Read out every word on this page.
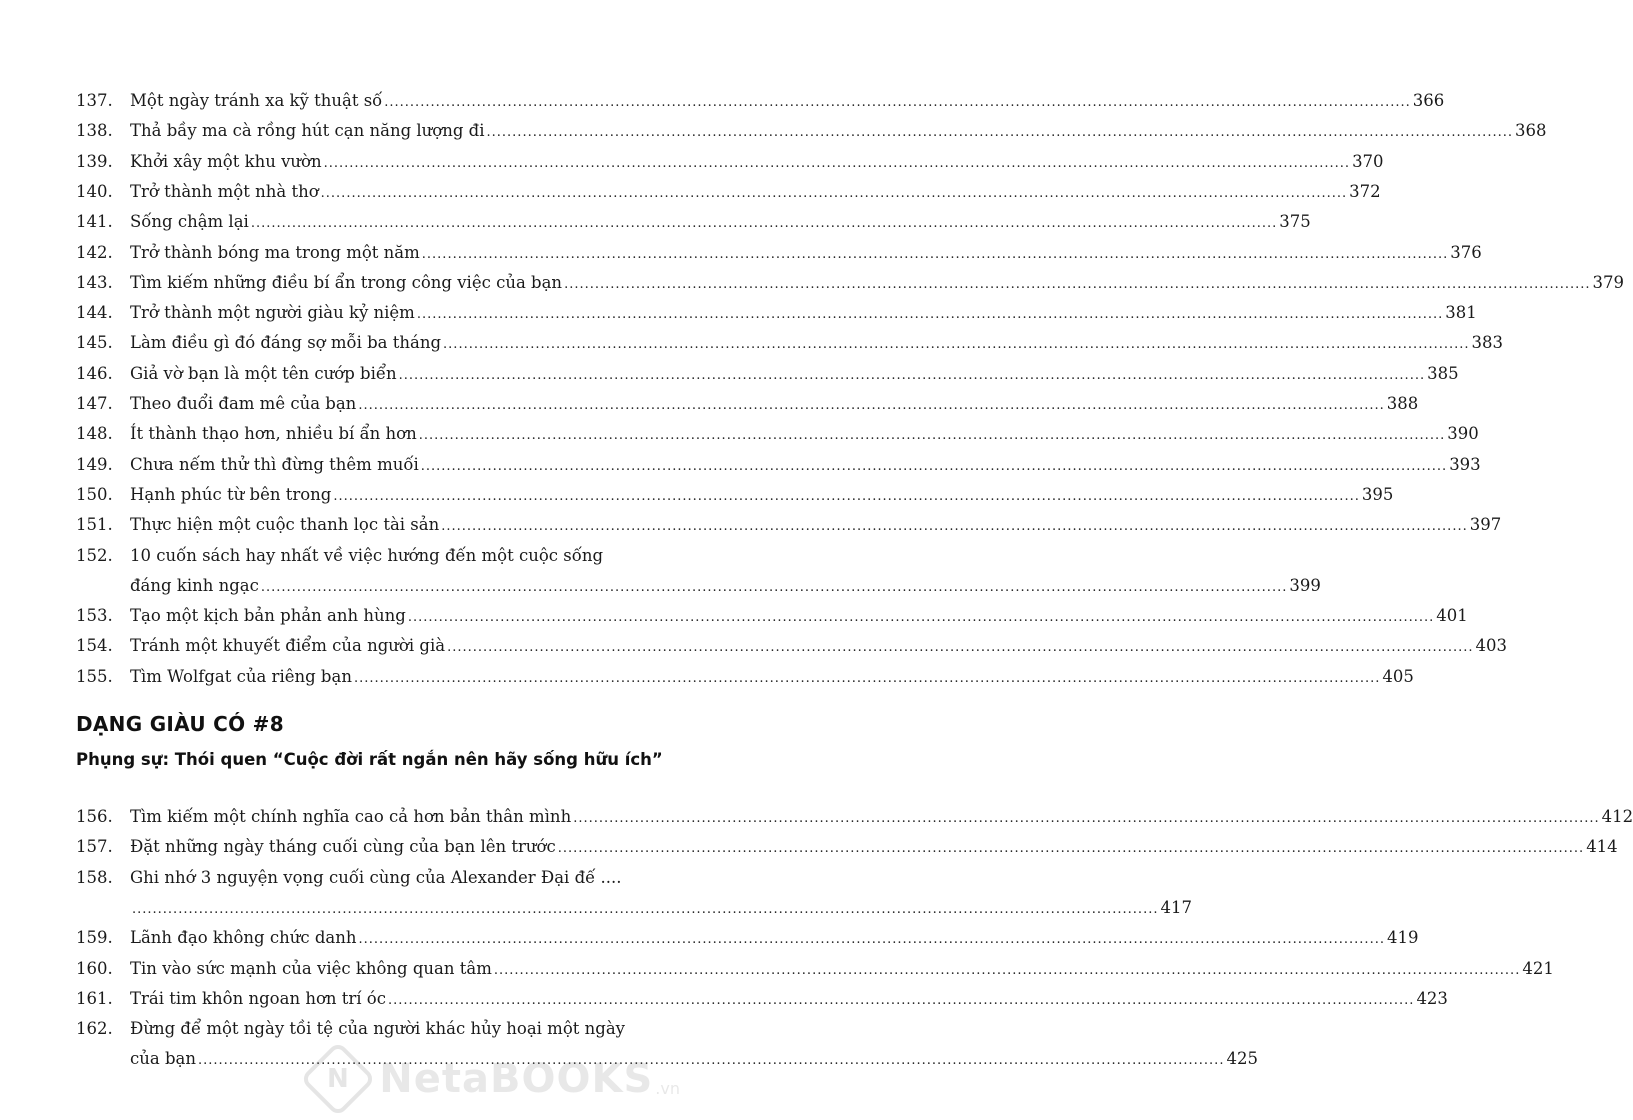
137. Một ngày tránh xa kỹ thuật số ........................................................................................................................................................................................................ 366
138. Thả bầy ma cà rồng hút cạn năng lượng đi ........................................................................................................................................................................................................ 368
139. Khởi xây một khu vườn ........................................................................................................................................................................................................ 370
140. Trở thành một nhà thơ ........................................................................................................................................................................................................ 372
141. Sống chậm lại ........................................................................................................................................................................................................ 375
142. Trở thành bóng ma trong một năm ........................................................................................................................................................................................................ 376
143. Tìm kiếm những điều bí ẩn trong công việc của bạn ........................................................................................................................................................................................................ 379
144. Trở thành một người giàu kỷ niệm ........................................................................................................................................................................................................ 381
145. Làm điều gì đó đáng sợ mỗi ba tháng ........................................................................................................................................................................................................ 383
146. Giả vờ bạn là một tên cướp biển ........................................................................................................................................................................................................ 385
147. Theo đuổi đam mê của bạn ........................................................................................................................................................................................................ 388
148. Ít thành thạo hơn, nhiều bí ẩn hơn ........................................................................................................................................................................................................ 390
149. Chưa nếm thử thì đừng thêm muối ........................................................................................................................................................................................................ 393
150. Hạnh phúc từ bên trong ........................................................................................................................................................................................................ 395
151. Thực hiện một cuộc thanh lọc tài sản ........................................................................................................................................................................................................ 397
152. 10 cuốn sách hay nhất về việc hướng đến một cuộc sống
đáng kinh ngạc ........................................................................................................................................................................................................ 399
153. Tạo một kịch bản phản anh hùng ........................................................................................................................................................................................................ 401
154. Tránh một khuyết điểm của người già ........................................................................................................................................................................................................ 403
155. Tìm Wolfgat của riêng bạn ........................................................................................................................................................................................................ 405
156. Tìm kiếm một chính nghĩa cao cả hơn bản thân mình ........................................................................................................................................................................................................ 412
157. Đặt những ngày tháng cuối cùng của bạn lên trước ........................................................................................................................................................................................................ 414
158. Ghi nhớ 3 nguyện vọng cuối cùng của Alexander Đại đế ....
........................................................................................................................................................................................................ 417
159. Lãnh đạo không chức danh ........................................................................................................................................................................................................ 419
160. Tin vào sức mạnh của việc không quan tâm ........................................................................................................................................................................................................ 421
161. Trái tim khôn ngoan hơn trí óc ........................................................................................................................................................................................................ 423
162. Đừng để một ngày tồi tệ của người khác hủy hoại một ngày
của bạn ........................................................................................................................................................................................................ 425
DẠNG GIÀU CÓ #8
Phụng sự: Thói quen “Cuộc đời rất ngắn nên hãy sống hữu ích”
N NetaBOOKS .vn
